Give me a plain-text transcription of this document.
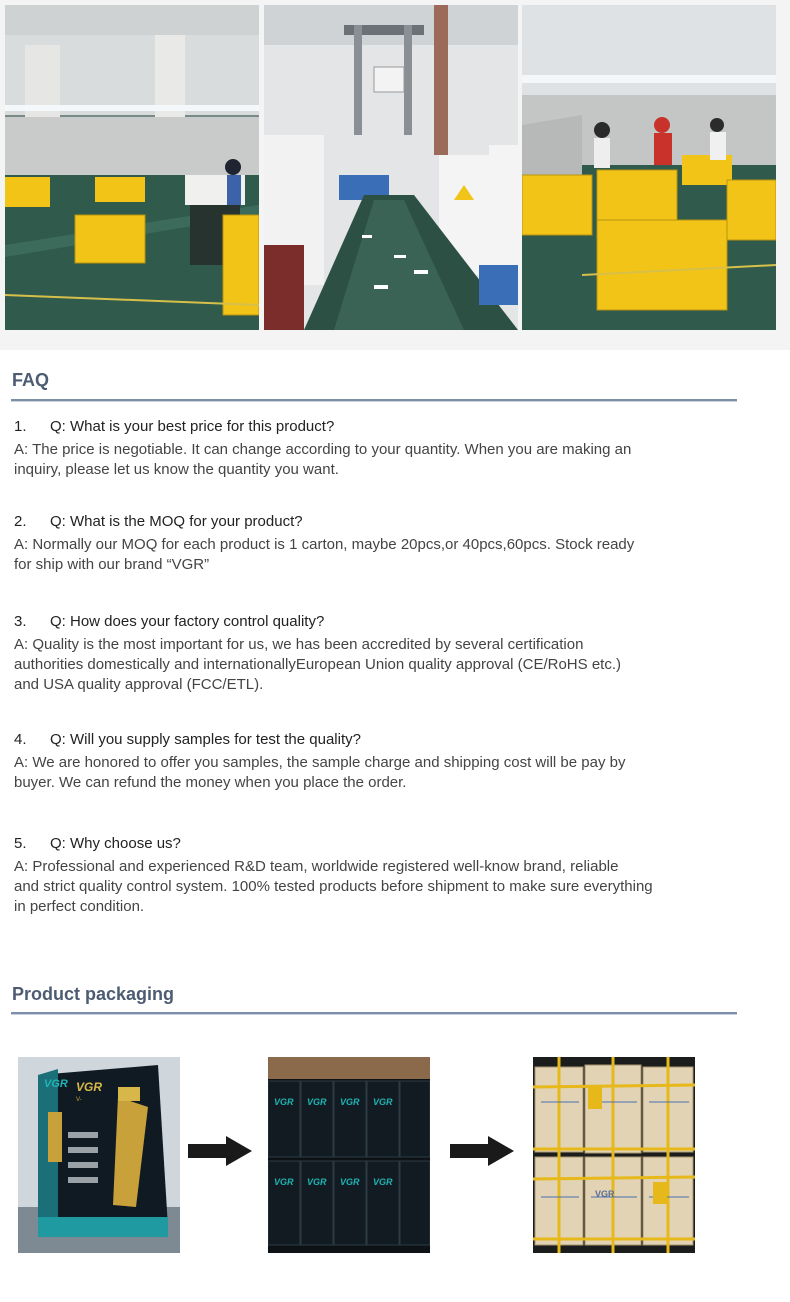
FAQ
1. Q: What is your best price for this product?
A: The price is negotiable. It can change according to your quantity. When you are making an
inquiry, please let us know the quantity you want.
2. Q: What is the MOQ for your product?
A: Normally our MOQ for each product is 1 carton, maybe 20pcs,or 40pcs,60pcs. Stock ready
for ship with our brand “VGR”
3. Q: How does your factory control quality?
A: Quality is the most important for us, we has been accredited by several certification
authorities domestically and internationallyEuropean Union quality approval (CE/RoHS etc.)
and USA quality approval (FCC/ETL).
4. Q: Will you supply samples for test the quality?
A: We are honored to offer you samples, the sample charge and shipping cost will be pay by
buyer. We can refund the money when you place the order.
5. Q: Why choose us?
A: Professional and experienced R&D team, worldwide registered well-know brand, reliable
and strict quality control system. 100% tested products before shipment to make sure everything
in perfect condition.
Product packaging
VGR VGR
V-	VGR VGR VGR VGR
VGR VGR VGR VGR
VGR
